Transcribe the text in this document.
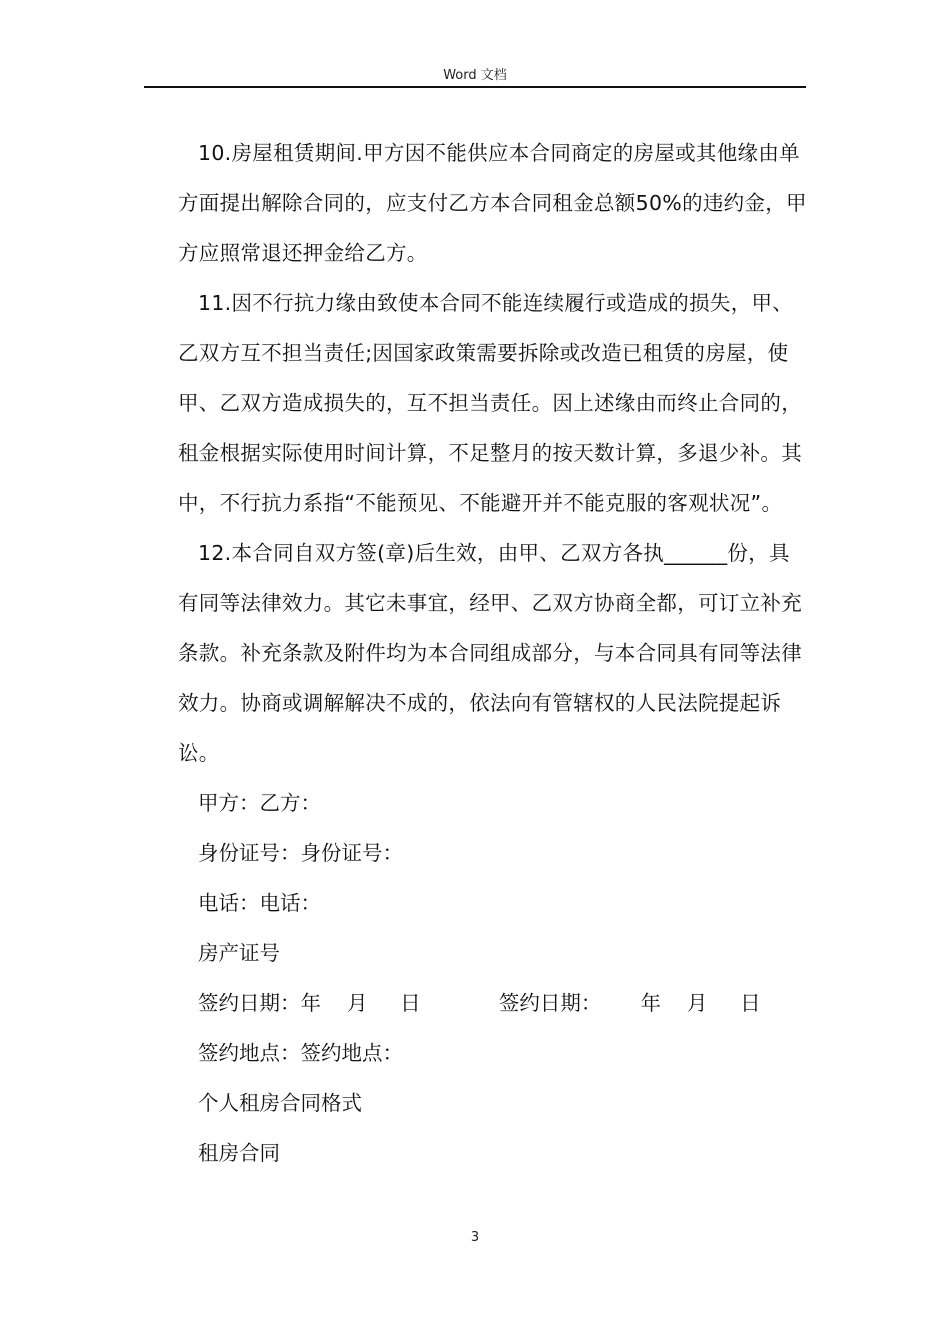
Word 文档

10.房屋租赁期间.甲方因不能供应本合同商定的房屋或其他缘由单方面提出解除合同的，应支付乙方本合同租金总额50%的违约金，甲方应照常退还押金给乙方。

11.因不行抗力缘由致使本合同不能连续履行或造成的损失，甲、乙双方互不担当责任;因国家政策需要拆除或改造已租赁的房屋，使甲、乙双方造成损失的，互不担当责任。因上述缘由而终止合同的，租金根据实际使用时间计算，不足整月的按天数计算，多退少补。其中，不行抗力系指“不能预见、不能避开并不能克服的客观状况”。

12.本合同自双方签(章)后生效，由甲、乙双方各执______份，具有同等法律效力。其它未事宜，经甲、乙双方协商全都，可订立补充条款。补充条款及附件均为本合同组成部分，与本合同具有同等法律效力。协商或调解解决不成的，依法向有管辖权的人民法院提起诉讼。

甲方：乙方：

身份证号：身份证号：

电话：电话：

房产证号

签约日期：年    月     日            签约日期：      年    月     日

签约地点：签约地点：

个人租房合同格式

租房合同

3
